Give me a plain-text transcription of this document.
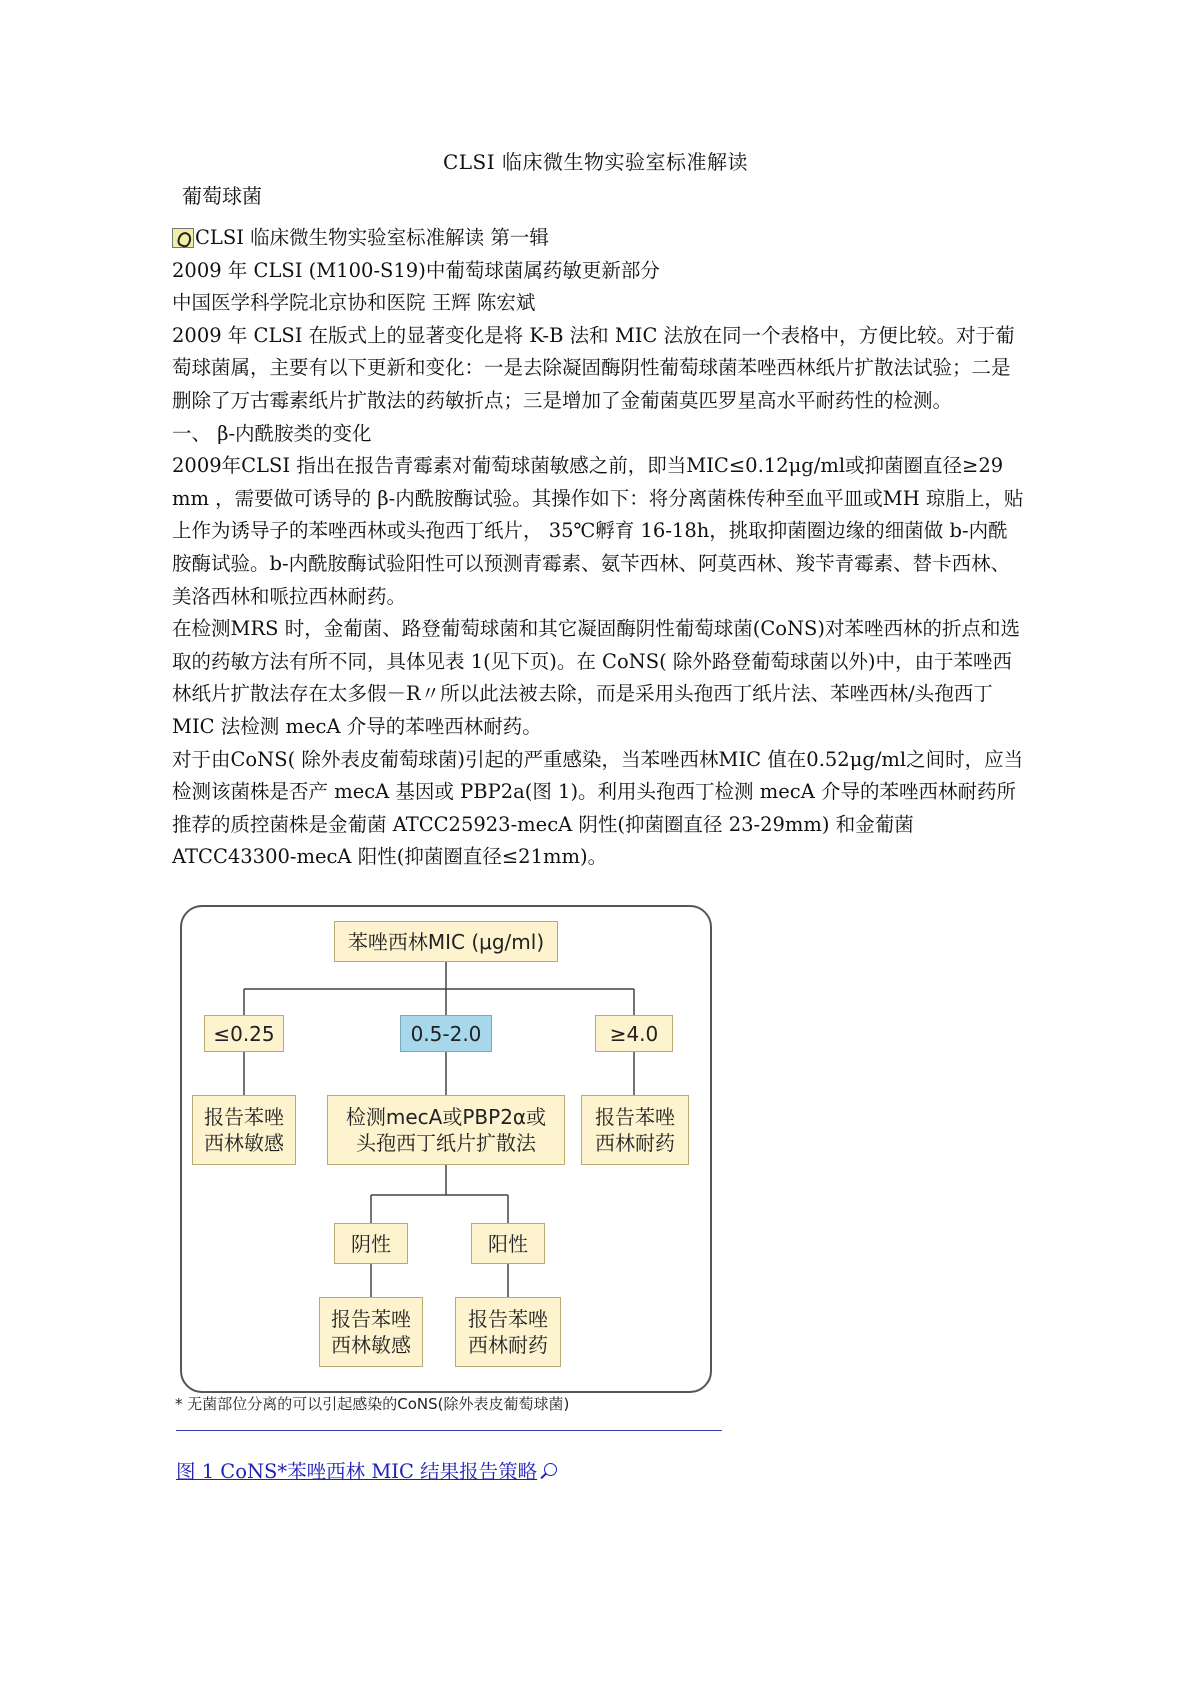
CLSI 临床微生物实验室标准解读
葡萄球菌

CLSI 临床微生物实验室标准解读 第一辑

2009 年 CLSI (M100-S19)中葡萄球菌属药敏更新部分

中国医学科学院北京协和医院 王辉 陈宏斌

2009 年 CLSI 在版式上的显著变化是将 K-B 法和 MIC 法放在同一个表格中，方便比较。对于葡萄球菌属，主要有以下更新和变化：一是去除凝固酶阴性葡萄球菌苯唑西林纸片扩散法试验；二是删除了万古霉素纸片扩散法的药敏折点；三是增加了金葡菌莫匹罗星高水平耐药性的检测。

一、 β-内酰胺类的变化

2009年CLSI 指出在报告青霉素对葡萄球菌敏感之前，即当MIC≤0.12μg/ml或抑菌圈直径≥29 mm ，需要做可诱导的 β-内酰胺酶试验。其操作如下：将分离菌株传种至血平皿或MH 琼脂上，贴上作为诱导子的苯唑西林或头孢西丁纸片， 35℃孵育 16-18h，挑取抑菌圈边缘的细菌做 b-内酰胺酶试验。b-内酰胺酶试验阳性可以预测青霉素、氨苄西林、阿莫西林、羧苄青霉素、替卡西林、美洛西林和哌拉西林耐药。

在检测MRS 时，金葡菌、路登葡萄球菌和其它凝固酶阴性葡萄球菌(CoNS)对苯唑西林的折点和选取的药敏方法有所不同，具体见表 1(见下页)。在 CoNS( 除外路登葡萄球菌以外)中，由于苯唑西林纸片扩散法存在太多假－R〃所以此法被去除，而是采用头孢西丁纸片法、苯唑西林/头孢西丁 MIC 法检测 mecA 介导的苯唑西林耐药。

对于由CoNS( 除外表皮葡萄球菌)引起的严重感染，当苯唑西林MIC 值在0.52μg/ml之间时，应当检测该菌株是否产 mecA 基因或 PBP2a(图 1)。利用头孢西丁检测 mecA 介导的苯唑西林耐药所推荐的质控菌株是金葡菌 ATCC25923-mecA 阴性(抑菌圈直径 23-29mm) 和金葡菌ATCC43300-mecA 阳性(抑菌圈直径≤21mm)。

苯唑西林MIC (μg/ml)
≤0.25	0.5-2.0	≥4.0
报告苯唑
西林敏感
检测mecA或PBP2α或
头孢西丁纸片扩散法
报告苯唑
西林耐药
阴性	阳性
报告苯唑
西林敏感
报告苯唑
西林耐药
* 无菌部位分离的可以引起感染的CoNS(除外表皮葡萄球菌)
图 1 CoNS*苯唑西林 MIC 结果报告策略
